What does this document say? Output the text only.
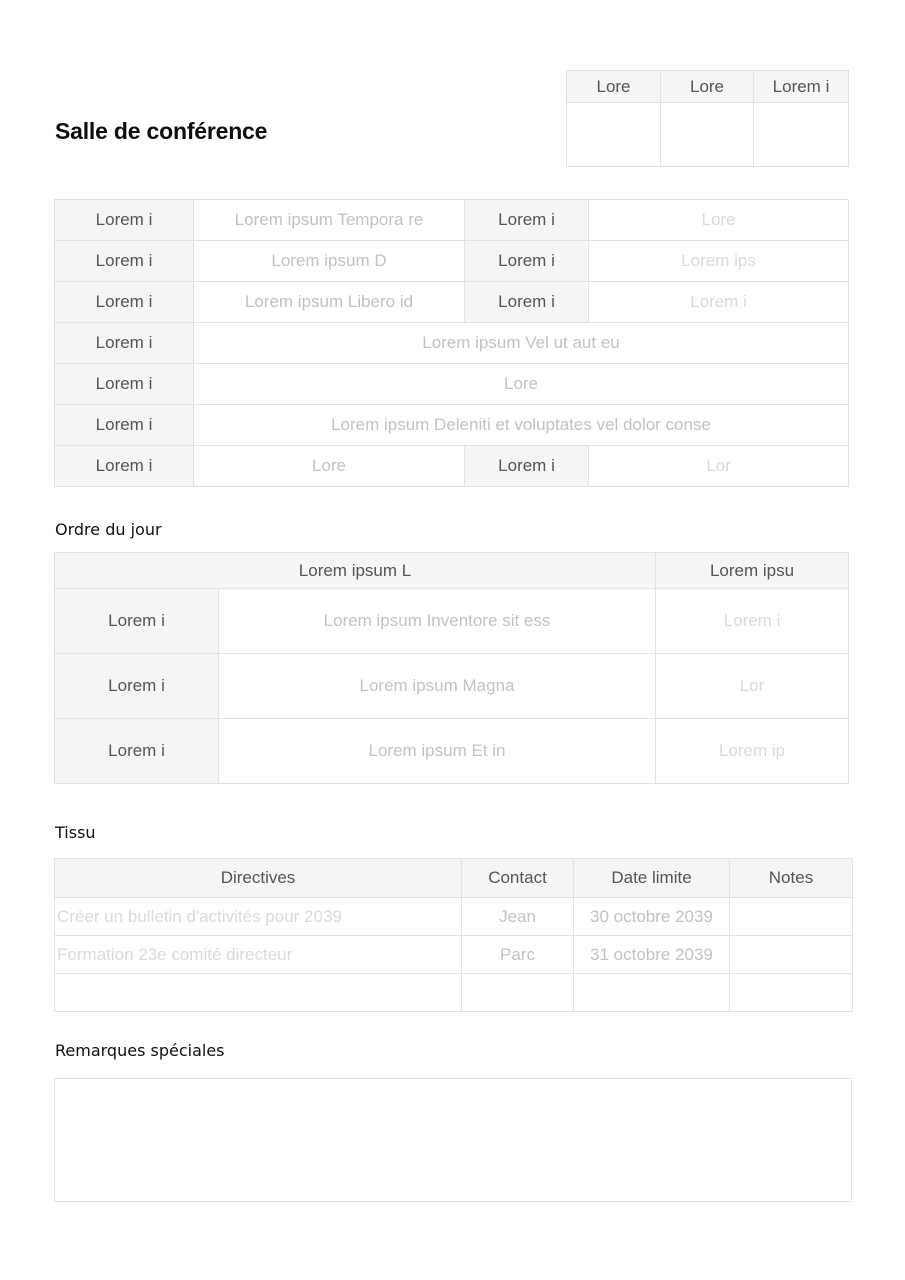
Salle de conférence
Lore	Lore	Lorem i

Lorem i	Lorem ipsum Tempora re	Lorem i	Lore
Lorem i	Lorem ipsum D	Lorem i	Lorem ips
Lorem i	Lorem ipsum Libero id	Lorem i	Lorem i
Lorem i	Lorem ipsum Vel ut aut eu		
Lorem i	Lore		
Lorem i	Lorem ipsum Deleniti et voluptates vel dolor conse		
Lorem i	Lore	Lorem i	Lor
Ordre du jour
Lorem ipsum L		Lorem ipsu
Lorem i	Lorem ipsum Inventore sit ess	Lorem i
Lorem i	Lorem ipsum Magna	Lor
Lorem i	Lorem ipsum Et in	Lorem ip
Tissu
Directives	Contact	Date limite	Notes
Créer un bulletin d'activités pour 2039	Jean	30 octobre 2039	
Formation 23e comité directeur	Parc	31 octobre 2039	

Remarques spéciales
